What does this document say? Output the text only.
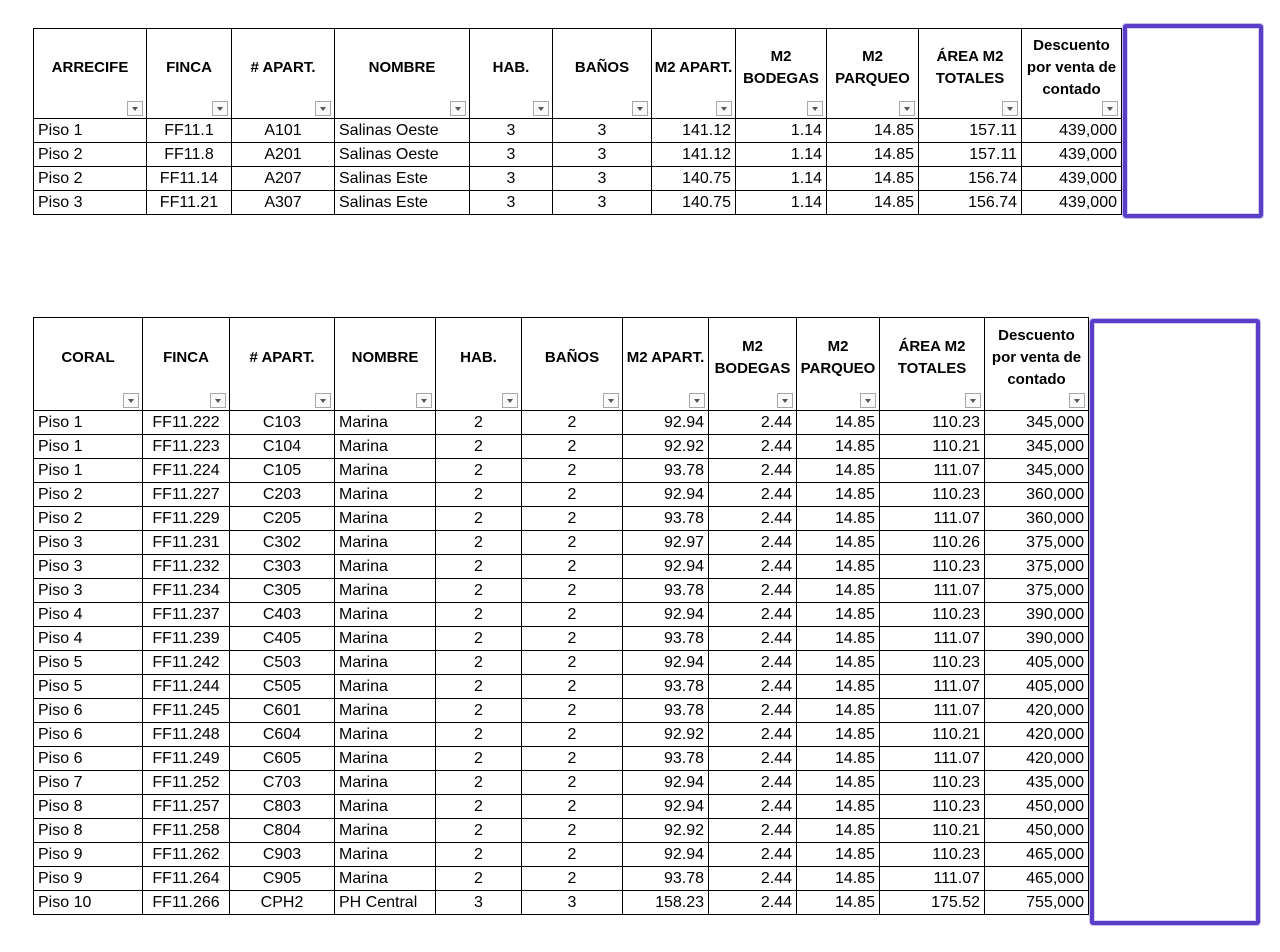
ARRECIFE	FINCA	# APART.	NOMBRE	HAB.	BAÑOS	M2 APART.	M2 BODEGAS	M2 PARQUEO	ÁREA M2 TOTALES	Descuento por venta de contado

Piso 1	FF11.1	A101	Salinas Oeste	3	3	141.12	1.14	14.85	157.11	439,000
Piso 2	FF11.8	A201	Salinas Oeste	3	3	141.12	1.14	14.85	157.11	439,000
Piso 2	FF11.14	A207	Salinas Este	3	3	140.75	1.14	14.85	156.74	439,000
Piso 3	FF11.21	A307	Salinas Este	3	3	140.75	1.14	14.85	156.74	439,000
CORAL	FINCA	# APART.	NOMBRE	HAB.	BAÑOS	M2 APART.	M2 BODEGAS	M2 PARQUEO	ÁREA M2 TOTALES	Descuento por venta de contado

Piso 1	FF11.222	C103	Marina	2	2	92.94	2.44	14.85	110.23	345,000
Piso 1	FF11.223	C104	Marina	2	2	92.92	2.44	14.85	110.21	345,000
Piso 1	FF11.224	C105	Marina	2	2	93.78	2.44	14.85	111.07	345,000
Piso 2	FF11.227	C203	Marina	2	2	92.94	2.44	14.85	110.23	360,000
Piso 2	FF11.229	C205	Marina	2	2	93.78	2.44	14.85	111.07	360,000
Piso 3	FF11.231	C302	Marina	2	2	92.97	2.44	14.85	110.26	375,000
Piso 3	FF11.232	C303	Marina	2	2	92.94	2.44	14.85	110.23	375,000
Piso 3	FF11.234	C305	Marina	2	2	93.78	2.44	14.85	111.07	375,000
Piso 4	FF11.237	C403	Marina	2	2	92.94	2.44	14.85	110.23	390,000
Piso 4	FF11.239	C405	Marina	2	2	93.78	2.44	14.85	111.07	390,000
Piso 5	FF11.242	C503	Marina	2	2	92.94	2.44	14.85	110.23	405,000
Piso 5	FF11.244	C505	Marina	2	2	93.78	2.44	14.85	111.07	405,000
Piso 6	FF11.245	C601	Marina	2	2	93.78	2.44	14.85	111.07	420,000
Piso 6	FF11.248	C604	Marina	2	2	92.92	2.44	14.85	110.21	420,000
Piso 6	FF11.249	C605	Marina	2	2	93.78	2.44	14.85	111.07	420,000
Piso 7	FF11.252	C703	Marina	2	2	92.94	2.44	14.85	110.23	435,000
Piso 8	FF11.257	C803	Marina	2	2	92.94	2.44	14.85	110.23	450,000
Piso 8	FF11.258	C804	Marina	2	2	92.92	2.44	14.85	110.21	450,000
Piso 9	FF11.262	C903	Marina	2	2	92.94	2.44	14.85	110.23	465,000
Piso 9	FF11.264	C905	Marina	2	2	93.78	2.44	14.85	111.07	465,000
Piso 10	FF11.266	CPH2	PH Central	3	3	158.23	2.44	14.85	175.52	755,000
